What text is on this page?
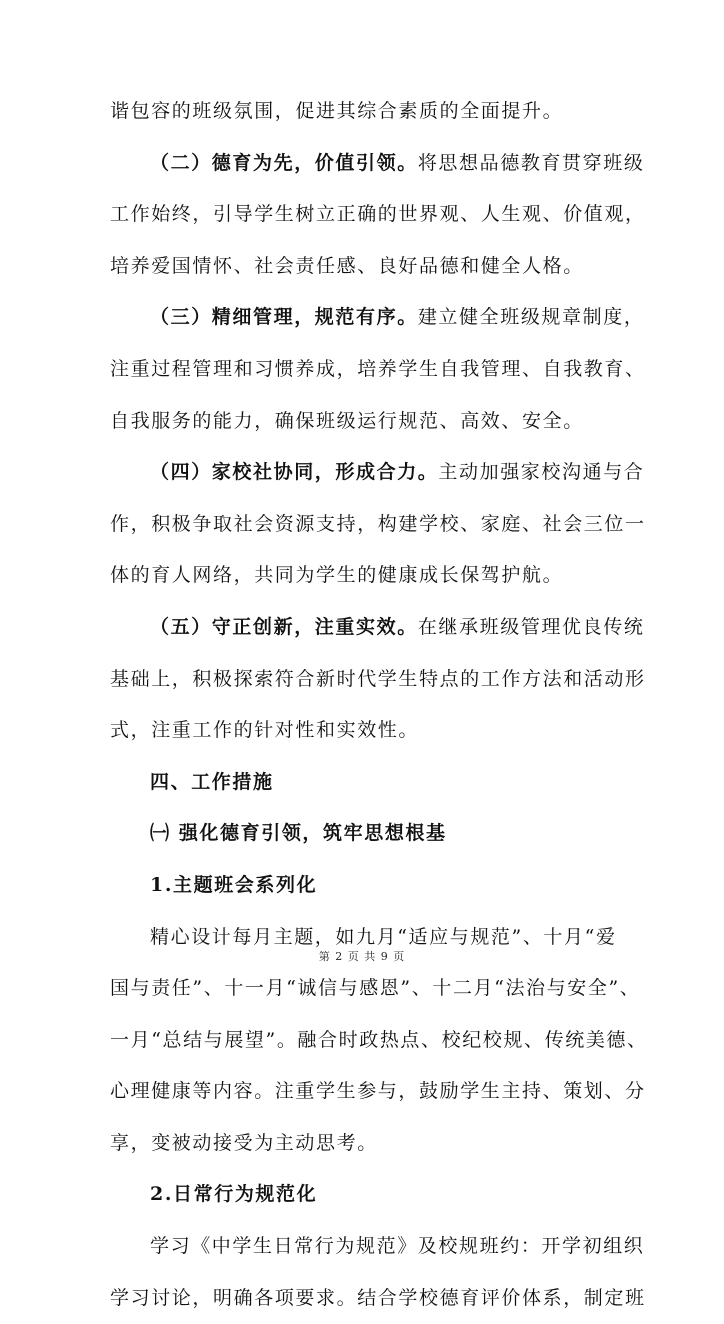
谐包容的班级氛围，促进其综合素质的全面提升。
（二）德育为先，价值引领。将思想品德教育贯穿班级
工作始终，引导学生树立正确的世界观、人生观、价值观，
培养爱国情怀、社会责任感、良好品德和健全人格。
（三）精细管理，规范有序。建立健全班级规章制度，
注重过程管理和习惯养成，培养学生自我管理、自我教育、
自我服务的能力，确保班级运行规范、高效、安全。
（四）家校社协同，形成合力。主动加强家校沟通与合
作，积极争取社会资源支持，构建学校、家庭、社会三位一
体的育人网络，共同为学生的健康成长保驾护航。
（五）守正创新，注重实效。在继承班级管理优良传统
基础上，积极探索符合新时代学生特点的工作方法和活动形
式，注重工作的针对性和实效性。
四、工作措施
㈠ 强化德育引领，筑牢思想根基
1.主题班会系列化
精心设计每月主题，如九月“适应与规范”、十月“爱
国与责任”、十一月“诚信与感恩”、十二月“法治与安全”、
一月“总结与展望”。融合时政热点、校纪校规、传统美德、
心理健康等内容。注重学生参与，鼓励学生主持、策划、分
享，变被动接受为主动思考。
2.日常行为规范化
学习《中学生日常行为规范》及校规班约：开学初组织
学习讨论，明确各项要求。结合学校德育评价体系，制定班
第 2 页 共 9 页
